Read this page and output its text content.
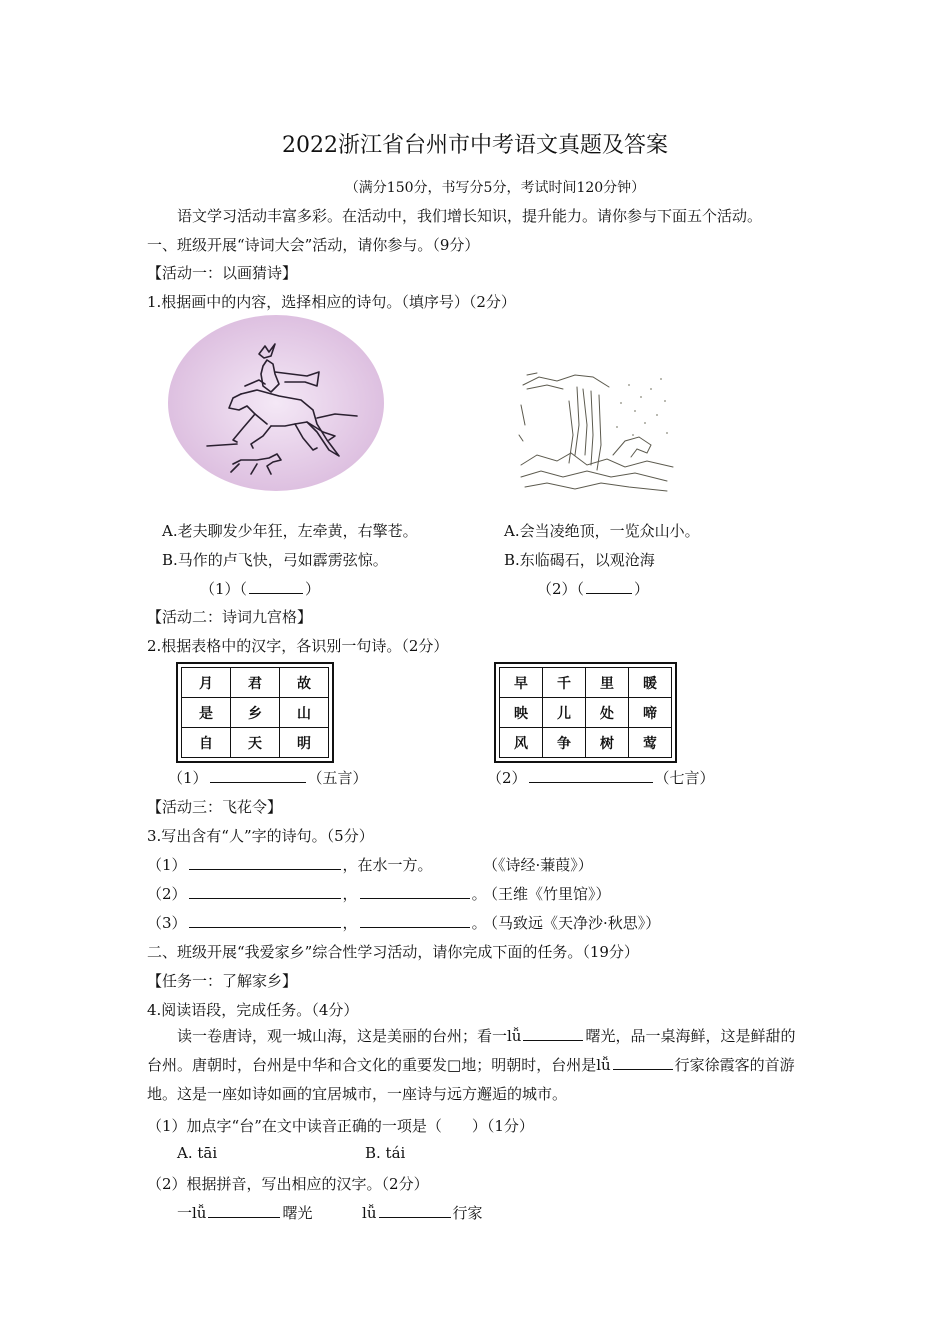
2022浙江省台州市中考语文真题及答案
（满分150分，书写分5分，考试时间120分钟）
语文学习活动丰富多彩。在活动中，我们增长知识，提升能力。请你参与下面五个活动。
一、班级开展“诗词大会”活动，请你参与。（9分）
【活动一：以画猜诗】
1.根据画中的内容，选择相应的诗句。（填序号）（2分）
A.老夫聊发少年狂，左牵黄，右擎苍。
B.马作的卢飞快，弓如霹雳弦惊。
（1）（	）
A.会当凌绝顶，一览众山小。
B.东临碣石，以观沧海
（2）（	）
【活动二：诗词九宫格】
2.根据表格中的汉字，各识别一句诗。（2分）
月	君	故
是	乡	山
自	天	明
早	千	里	暖
映	儿	处	啼
风	争	树	莺
（1）	（五言）	（2）	（七言）
【活动三：飞花令】
3.写出含有“人”字的诗句。（5分）
（1）	，在水一方。	（《诗经·蒹葭》）
（2）	，	。
（王维《竹里馆》）
（3）	，	。
（马致远《天净沙·秋思》）
二、班级开展“我爱家乡”综合性学习活动，请你完成下面的任务。（19分）
【任务一：了解家乡】
4.阅读语段，完成任务。（4分）
读一卷唐诗，观一城山海，这是美丽的台州；看一lǚ	曙光，品一桌海鲜，这是鲜甜的台州。唐朝时，台州是中华和合文化的重要发□地；明朝时，台州是lǚ	行家徐霞客的首游地。这是一座如诗如画的宜居城市，一座诗与远方邂逅的城市。
（1）加点字“台”在文中读音正确的一项是（　　）（1分）
A. tāi	B. tái
（2）根据拼音，写出相应的汉字。（2分）
一lǚ	曙光	lǚ	行家
